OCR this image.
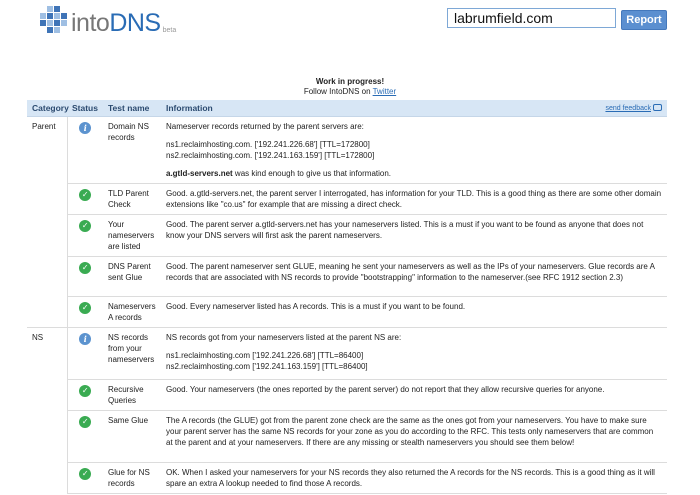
intoDNS beta
labrumfield.com
Report
Work in progress!
Follow IntoDNS on Twitter
Category	Status	Test name	Information send feedback

Parent	i	Domain NS records	Nameserver records returned by the parent servers are:

ns1.reclaimhosting.com. ['192.241.226.68'] [TTL=172800]
ns2.reclaimhosting.com. ['192.241.163.159'] [TTL=172800]

a.gtld-servers.net was kind enough to give us that information.

	✓	TLD Parent Check	Good. a.gtld-servers.net, the parent server I interrogated, has information for your TLD. This is a good thing as there are some other domain extensions like "co.us" for example that are missing a direct check.
	✓	Your nameservers are listed	Good. The parent server a.gtld-servers.net has your nameservers listed. This is a must if you want to be found as anyone that does not know your DNS servers will first ask the parent nameservers.
	✓	DNS Parent sent Glue	Good. The parent nameserver sent GLUE, meaning he sent your nameservers as well as the IPs of your nameservers. Glue records are A records that are associated with NS records to provide "bootstrapping" information to the nameserver.(see RFC 1912 section 2.3)
	✓	Nameservers A records	Good. Every nameserver listed has A records. This is a must if you want to be found.
NS	i	NS records from your nameservers	NS records got from your nameservers listed at the parent NS are:

ns1.reclaimhosting.com ['192.241.226.68'] [TTL=86400]
ns2.reclaimhosting.com ['192.241.163.159'] [TTL=86400]

	✓	Recursive Queries	Good. Your nameservers (the ones reported by the parent server) do not report that they allow recursive queries for anyone.
	✓	Same Glue	The A records (the GLUE) got from the parent zone check are the same as the ones got from your nameservers. You have to make sure your parent server has the same NS records for your zone as you do according to the RFC. This tests only nameservers that are common at the parent and at your nameservers. If there are any missing or stealth nameservers you should see them below!
	✓	Glue for NS records	OK. When I asked your nameservers for your NS records they also returned the A records for the NS records. This is a good thing as it will spare an extra A lookup needed to find those A records.
